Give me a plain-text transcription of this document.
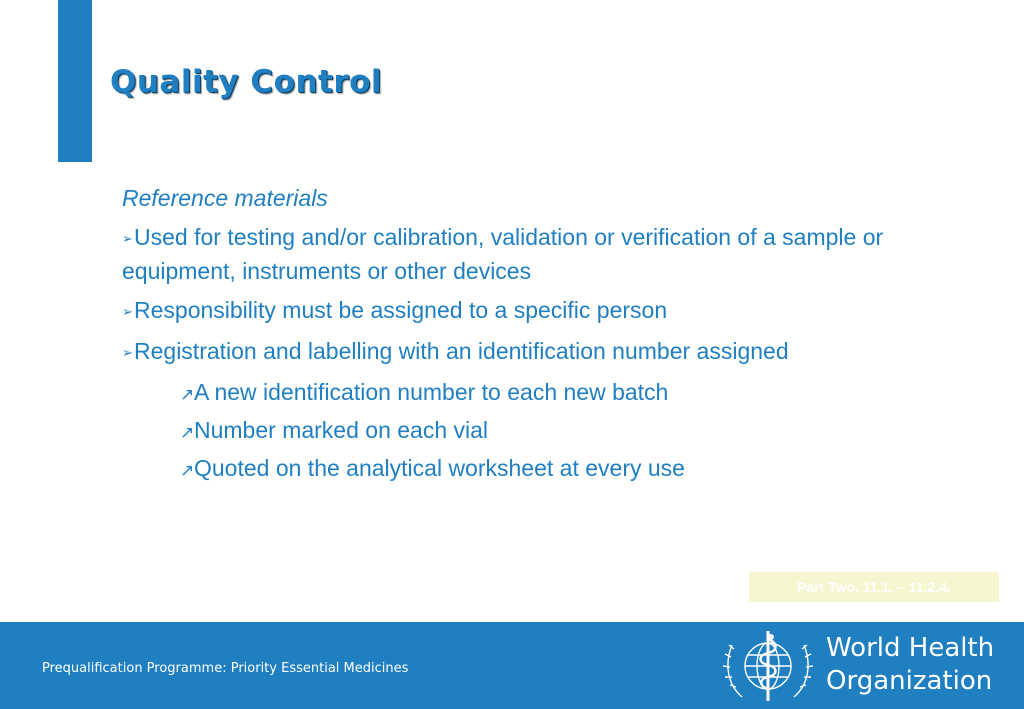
Quality Control

Reference materials

➢Used for testing and/or calibration, validation or verification of a sample or equipment, instruments or other devices

➢Responsibility must be assigned to a specific person

➢Registration and labelling with an identification number assigned

↗A new identification number to each new batch

↗Number marked on each vial

↗Quoted on the analytical worksheet at every use

Part Two. 11.1. – 11.2.4.
Prequalification Programme: Priority Essential Medicines
World Health
Organization
